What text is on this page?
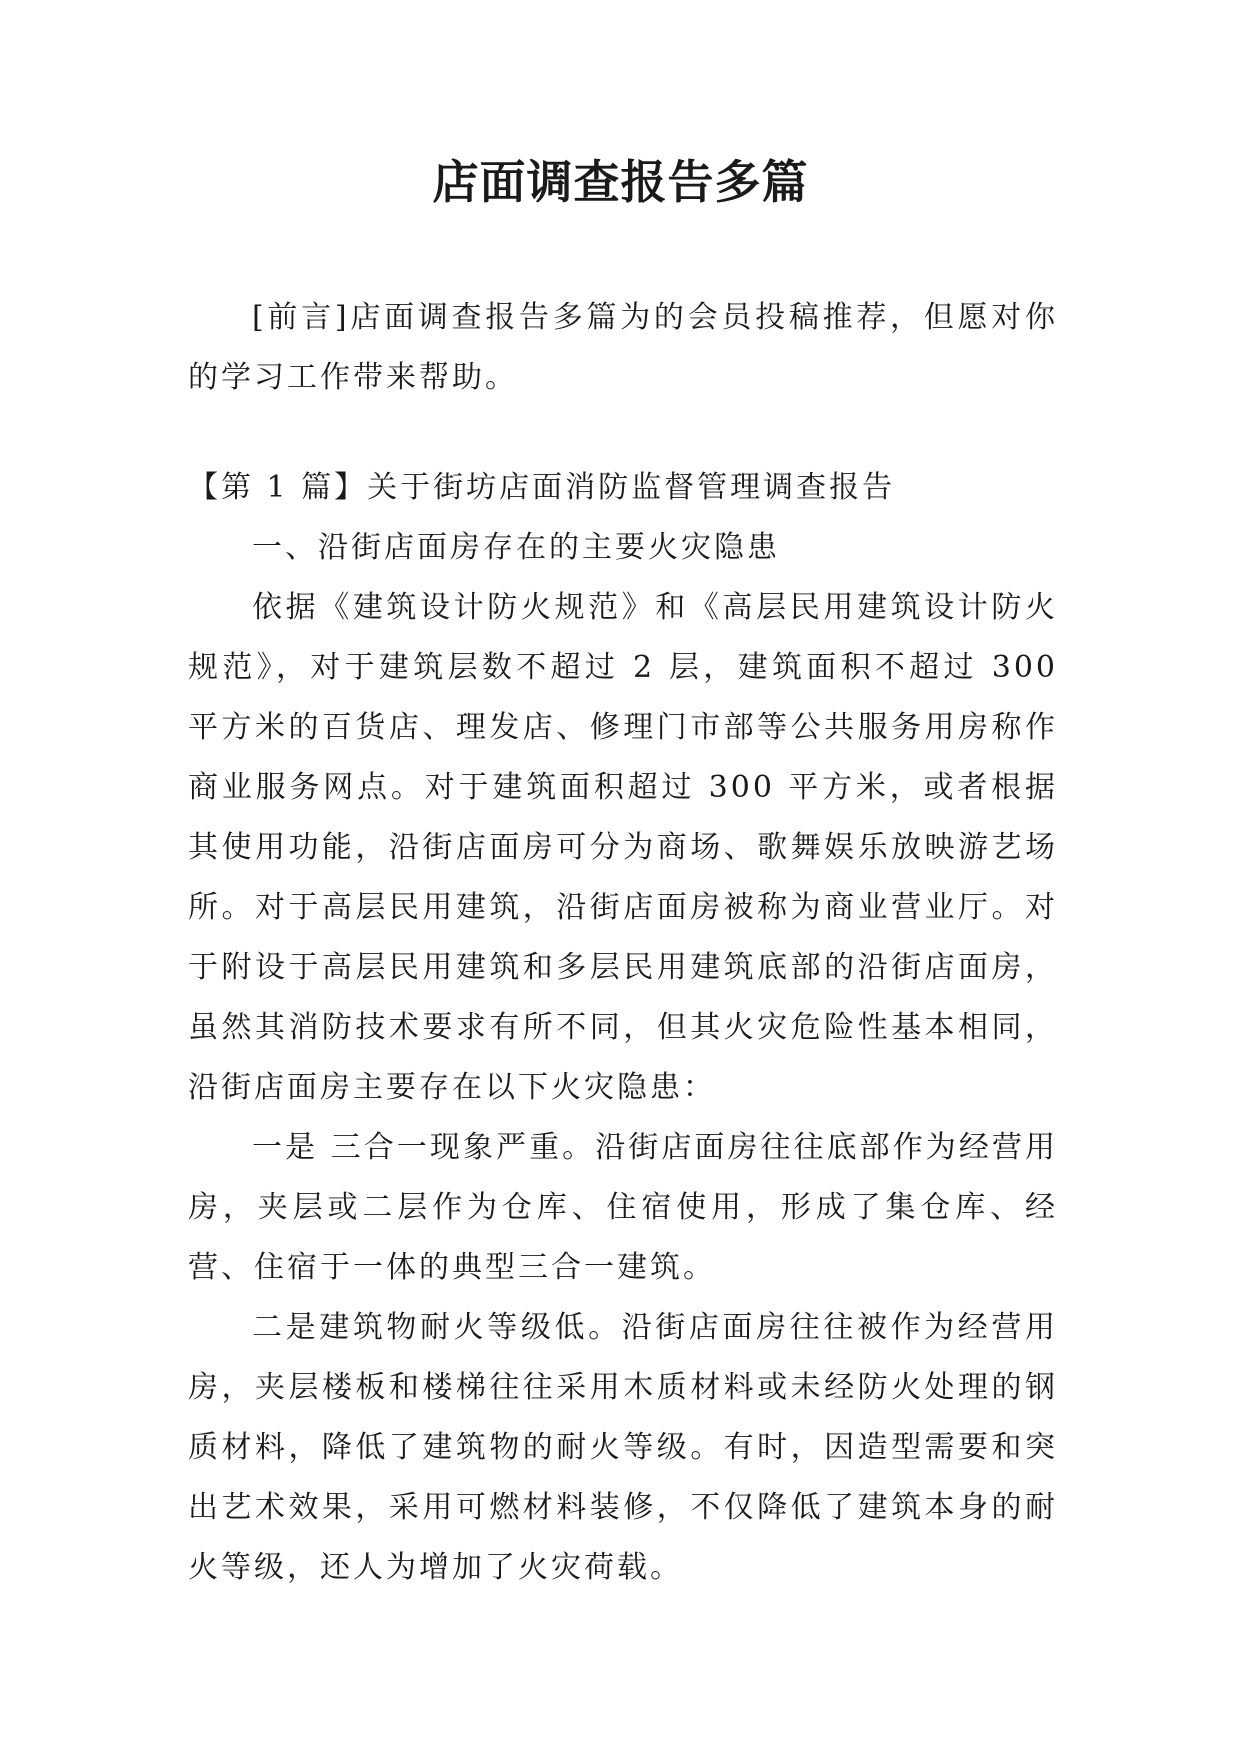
店面调查报告多篇

[前言]店面调查报告多篇为的会员投稿推荐，但愿对你的学习工作带来帮助。

【第 1 篇】关于街坊店面消防监督管理调查报告

一、沿街店面房存在的主要火灾隐患

依据《建筑设计防火规范》和《高层民用建筑设计防火规范》，对于建筑层数不超过 2 层，建筑面积不超过 300 平方米的百货店、理发店、修理门市部等公共服务用房称作商业服务网点。对于建筑面积超过 300 平方米，或者根据其使用功能，沿街店面房可分为商场、歌舞娱乐放映游艺场所。对于高层民用建筑，沿街店面房被称为商业营业厅。对于附设于高层民用建筑和多层民用建筑底部的沿街店面房，虽然其消防技术要求有所不同，但其火灾危险性基本相同，沿街店面房主要存在以下火灾隐患：

一是 三合一现象严重。沿街店面房往往底部作为经营用房，夹层或二层作为仓库、住宿使用，形成了集仓库、经营、住宿于一体的典型三合一建筑。

二是建筑物耐火等级低。沿街店面房往往被作为经营用房，夹层楼板和楼梯往往采用木质材料或未经防火处理的钢质材料，降低了建筑物的耐火等级。有时，因造型需要和突出艺术效果，采用可燃材料装修，不仅降低了建筑本身的耐火等级，还人为增加了火灾荷载。
